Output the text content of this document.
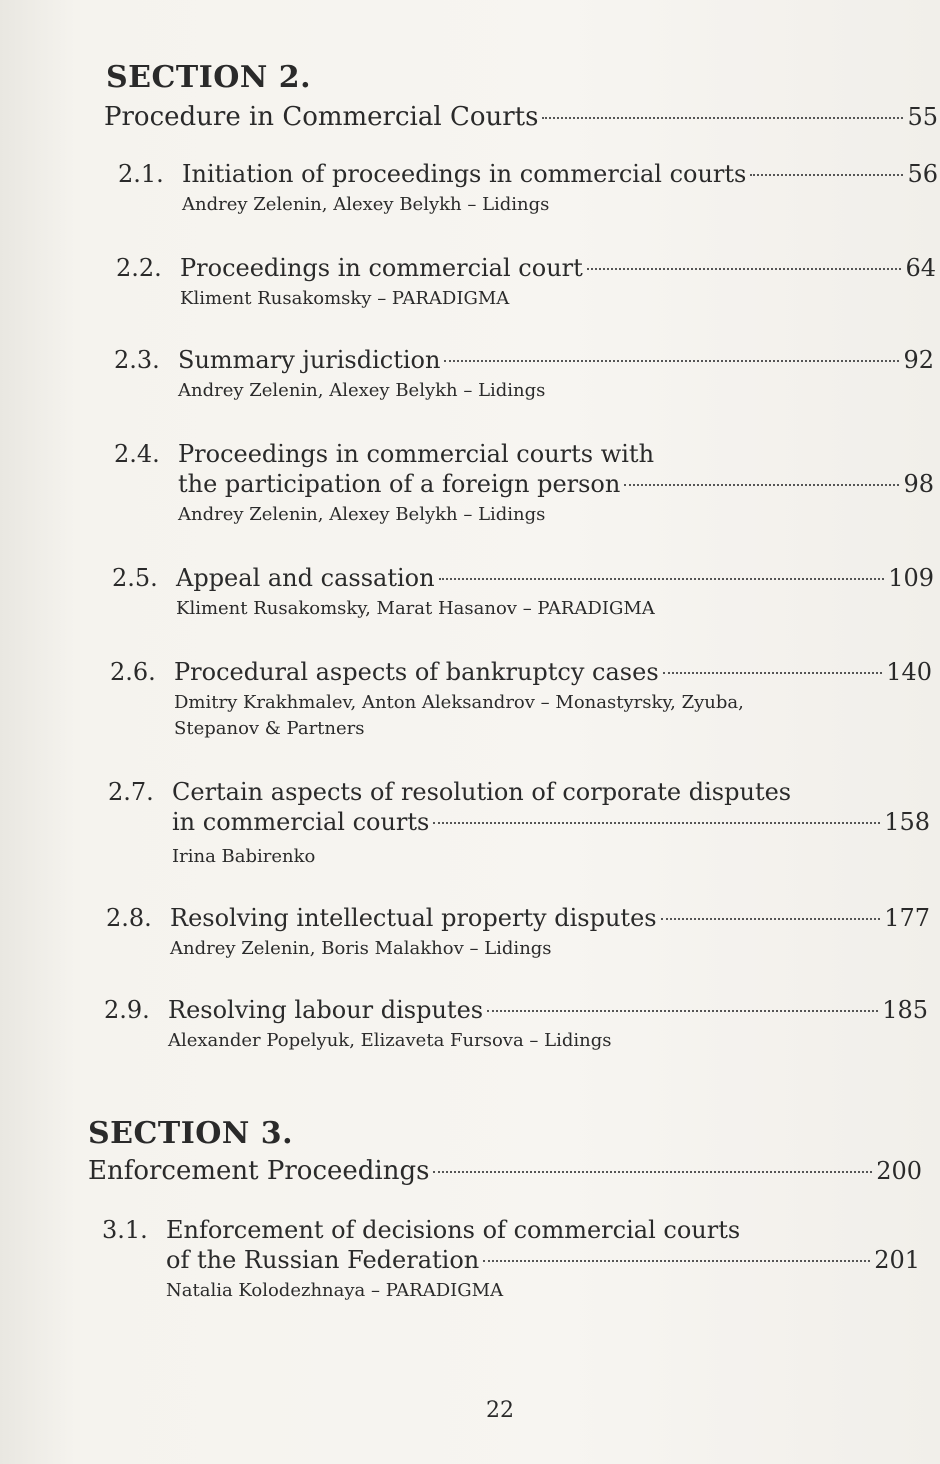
SECTION 2.
Procedure in Commercial Courts	55
2.1. Initiation of proceedings in commercial courts	56
Andrey Zelenin, Alexey Belykh – Lidings
2.2. Proceedings in commercial court	64
Kliment Rusakomsky – PARADIGMA
2.3. Summary jurisdiction	92
Andrey Zelenin, Alexey Belykh – Lidings
2.4. Proceedings in commercial courts with
the participation of a foreign person	98
Andrey Zelenin, Alexey Belykh – Lidings
2.5. Appeal and cassation	109
Kliment Rusakomsky, Marat Hasanov – PARADIGMA
2.6. Procedural aspects of bankruptcy cases	140
Dmitry Krakhmalev, Anton Aleksandrov – Monastyrsky, Zyuba,
Stepanov & Partners
2.7. Certain aspects of resolution of corporate disputes
in commercial courts	158
Irina Babirenko
2.8. Resolving intellectual property disputes	177
Andrey Zelenin, Boris Malakhov – Lidings
2.9. Resolving labour disputes	185
Alexander Popelyuk, Elizaveta Fursova – Lidings
SECTION 3.
Enforcement Proceedings	200
3.1. Enforcement of decisions of commercial courts
of the Russian Federation	201
Natalia Kolodezhnaya – PARADIGMA
22
